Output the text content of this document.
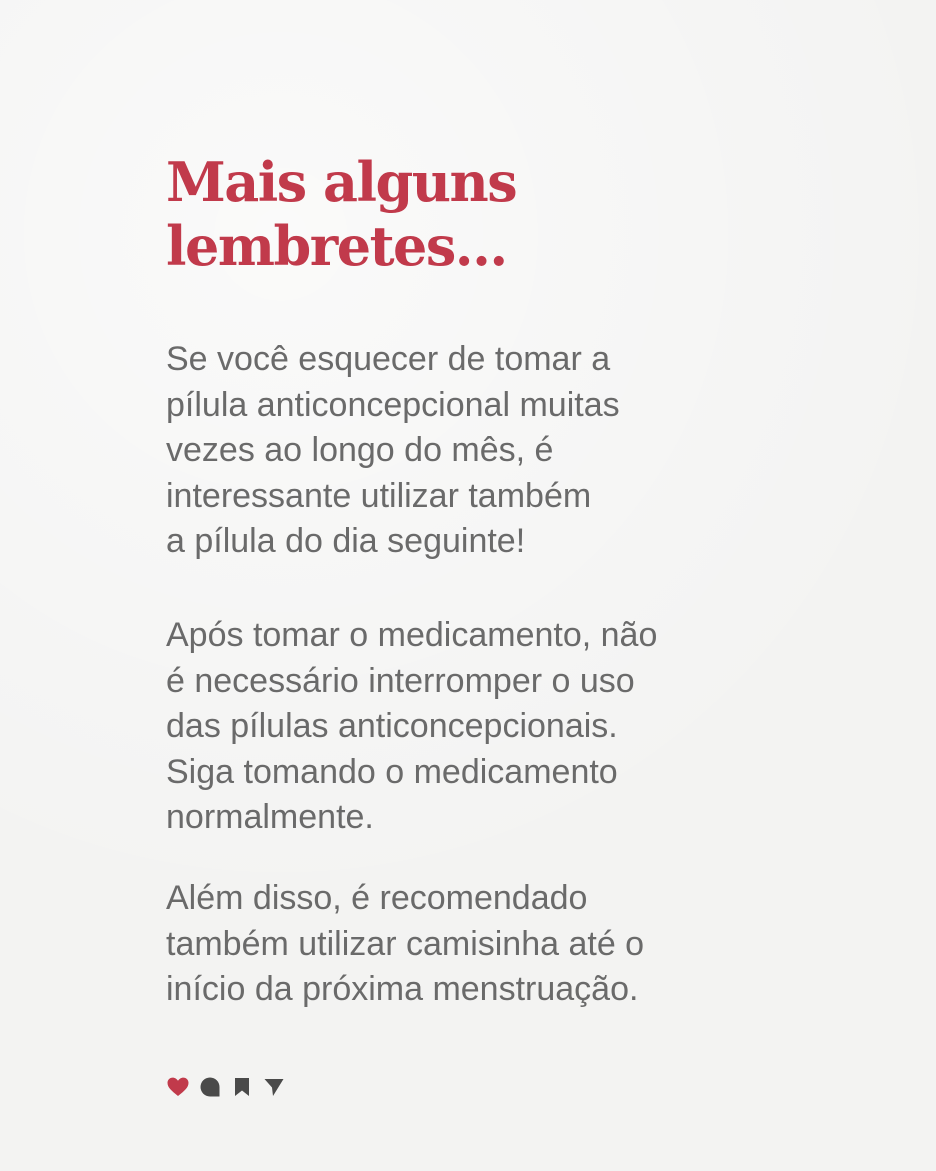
Mais alguns
lembretes...

Se você esquecer de tomar a
pílula anticoncepcional muitas
vezes ao longo do mês, é
interessante utilizar também
a pílula do dia seguinte!

Após tomar o medicamento, não
é necessário interromper o uso
das pílulas anticoncepcionais.
Siga tomando o medicamento
normalmente.

Além disso, é recomendado
também utilizar camisinha até o
início da próxima menstruação.
